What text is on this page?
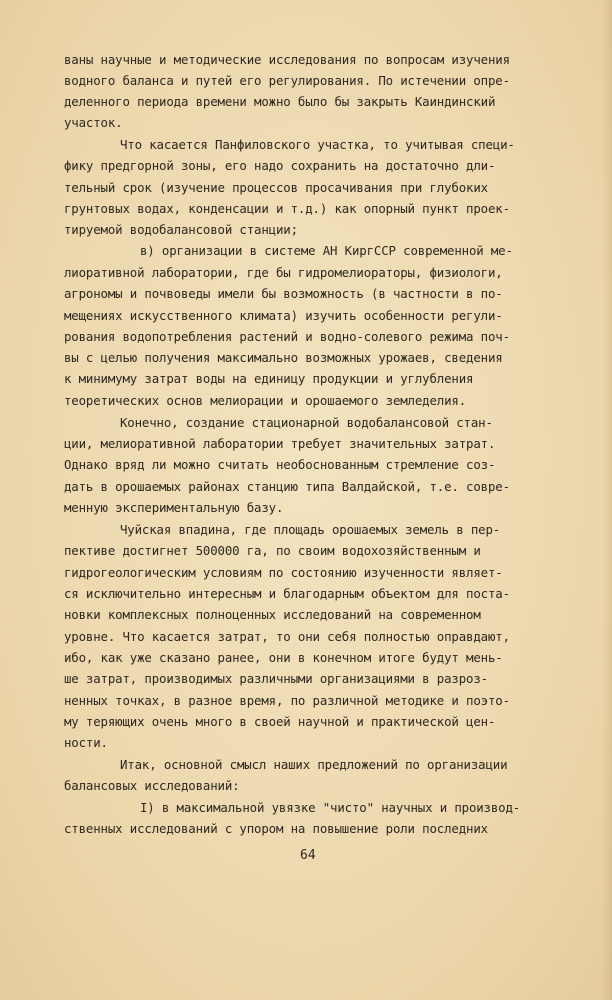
ваны научные и методические исследования по вопросам изучения

водного баланса и путей его регулирования. По истечении опре-

деленного периода времени можно было бы закрыть Каиндинский

участок.

Что касается Панфиловского участка, то учитывая специ-

фику предгорной зоны, его надо сохранить на достаточно дли-

тельный срок (изучение процессов просачивания при глубоких

грунтовых водах, конденсации и т.д.) как опорный пункт проек-

тируемой водобалансовой станции;

в) организации в системе АН КиргССР современной ме-

лиоративной лаборатории, где бы гидромелиораторы, физиологи,

агрономы и почвоведы имели бы возможность (в частности в по-

мещениях искусственного климата) изучить особенности регули-

рования водопотребления растений и водно-солевого режима поч-

вы с целью получения максимально возможных урожаев, сведения

к минимуму затрат воды на единицу продукции и углубления

теоретических основ мелиорации и орошаемого земледелия.

Конечно, создание стационарной водобалансовой стан-

ции, мелиоративной лаборатории требует значительных затрат.

Однако вряд ли можно считать необоснованным стремление соз-

дать в орошаемых районах станцию типа Валдайской, т.е. совре-

менную экспериментальную базу.

Чуйская впадина, где площадь орошаемых земель в пер-

пективе достигнет 500000 га, по своим водохозяйственным и

гидрогеологическим условиям по состоянию изученности являет-

ся исключительно интересным и благодарным объектом для поста-

новки комплексных полноценных исследований на современном

уровне. Что касается затрат, то они себя полностью оправдают,

ибо, как уже сказано ранее, они в конечном итоге будут мень-

ше затрат, производимых различными организациями в разроз-

ненных точках, в разное время, по различной методике и поэто-

му теряющих очень много в своей научной и практической цен-

ности.

Итак, основной смысл наших предложений по организации

балансовых исследований:

I) в максимальной увязке "чисто" научных и производ-

ственных исследований с упором на повышение роли последних

64
